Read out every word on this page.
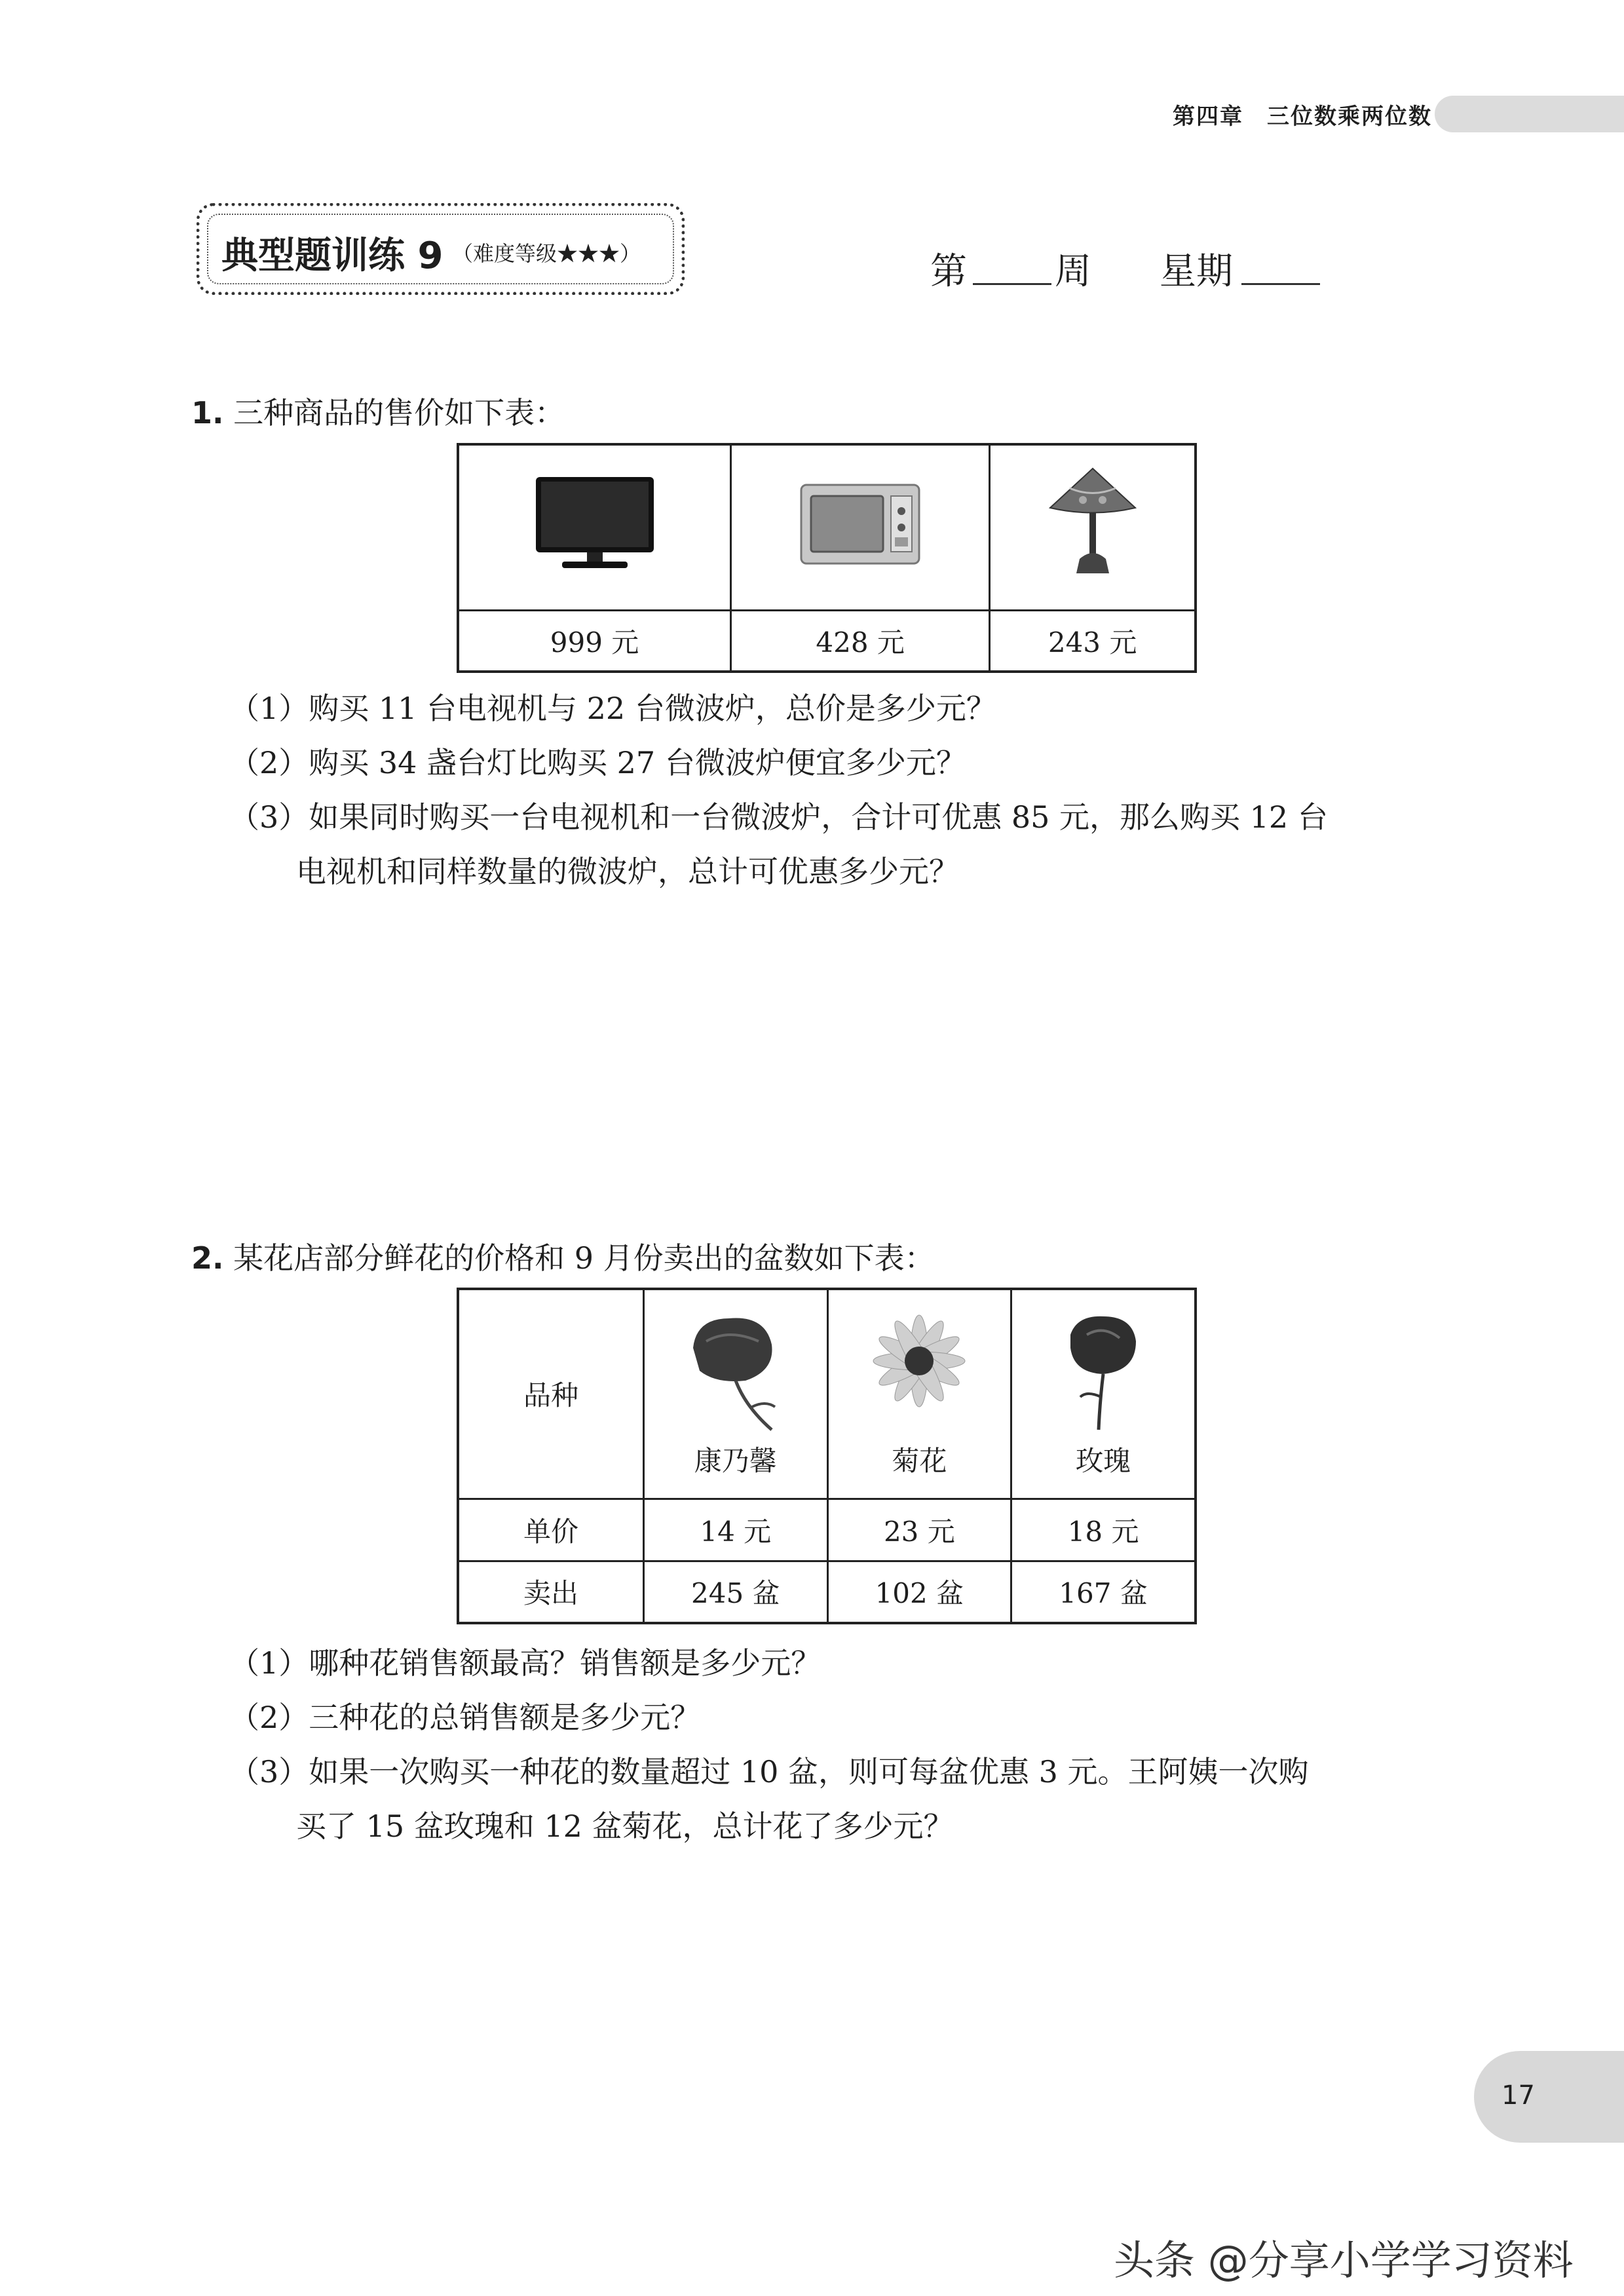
第四章　三位数乘两位数
典型题训练 9 （难度等级★★★）	第 周 星期
1. 三种商品的售价如下表：

999 元	428 元	243 元
（1）购买 11 台电视机与 22 台微波炉，总价是多少元？
（2）购买 34 盏台灯比购买 27 台微波炉便宜多少元？
（3）如果同时购买一台电视机和一台微波炉，合计可优惠 85 元，那么购买 12 台
电视机和同样数量的微波炉，总计可优惠多少元？
2. 某花店部分鲜花的价格和 9 月份卖出的盆数如下表：
品种	康乃馨	菊花	玫瑰

单价	14 元	23 元	18 元
卖出	245 盆	102 盆	167 盆
（1）哪种花销售额最高？销售额是多少元？
（2）三种花的总销售额是多少元？
（3）如果一次购买一种花的数量超过 10 盆，则可每盆优惠 3 元。王阿姨一次购
买了 15 盆玫瑰和 12 盆菊花，总计花了多少元？
17
头条 @分享小学学习资料
